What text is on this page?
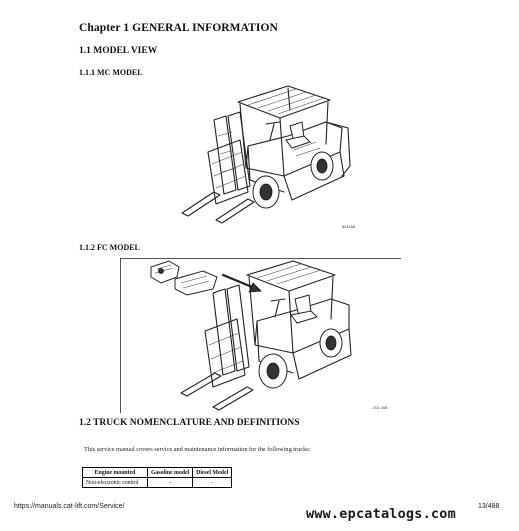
Chapter 1 GENERAL INFORMATION
1.1 MODEL VIEW
1.1.1 MC MODEL
501168
1.1.2 FC MODEL
201 168
1.2 TRUCK NOMENCLATURE AND DEFINITIONS
This service manual covers service and maintenance information for the following trucks:
Engine mounted	Gasoline model	Diesel Model
Non-electronic control	-	-
https://manuals.cat-lift.com/Service/	13/488
www.epcatalogs.com
